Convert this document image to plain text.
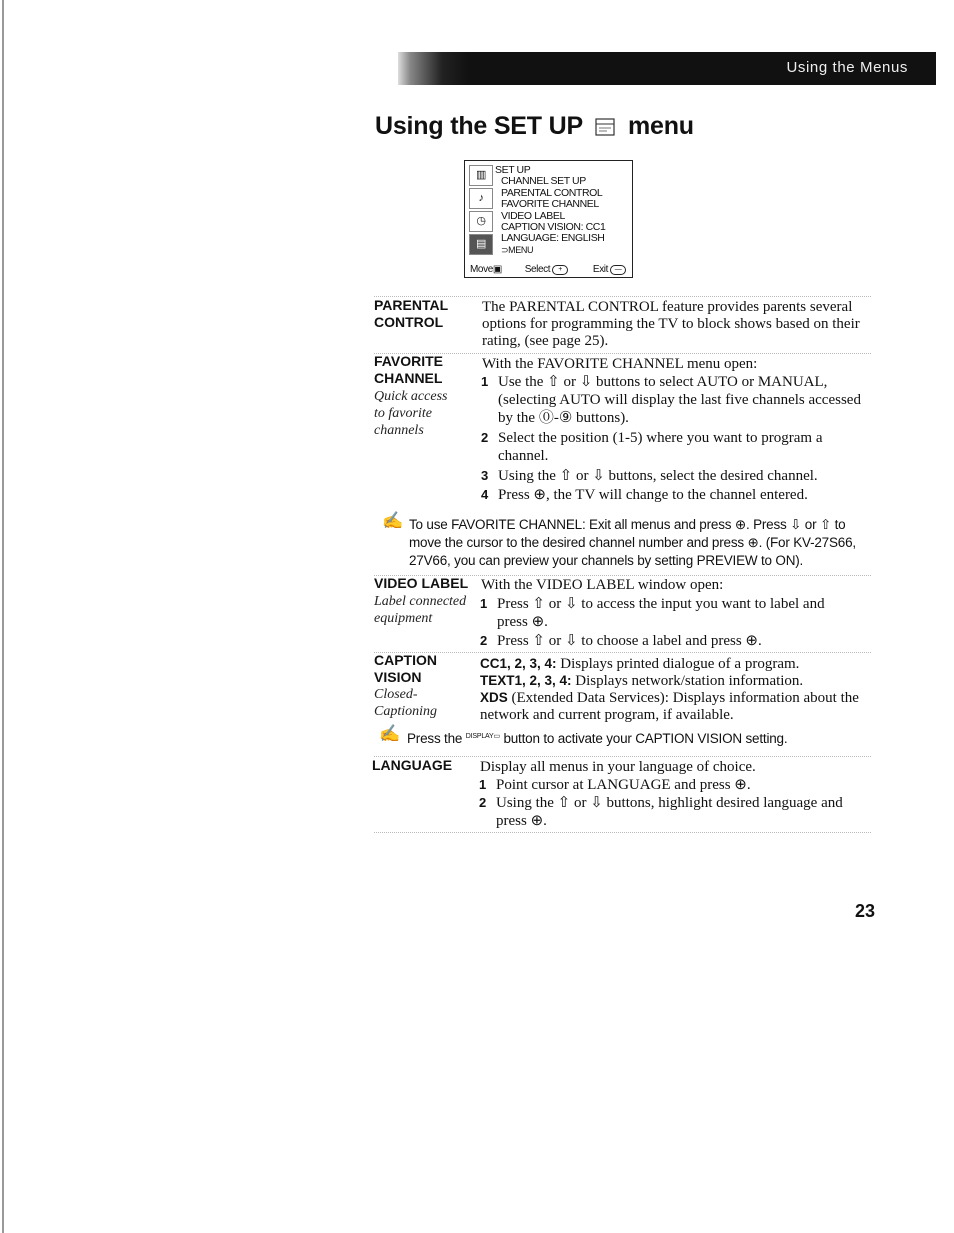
Using the Menus
Using the SET UP menu
▥
♪
◷
▤
SET UP
CHANNEL SET UP
PARENTAL CONTROL
FAVORITE CHANNEL
VIDEO LABEL
CAPTION VISION: CC1
LANGUAGE: ENGLISH
⊃MENU
Move▣ Select +	Exit —
PARENTAL
CONTROL
The PARENTAL CONTROL feature provides parents several options for programming the TV to block shows based on their rating, (see page 25).
FAVORITE
CHANNEL
Quick access
to favorite
channels
With the FAVORITE CHANNEL menu open:
1 Use the ⇧ or ⇩ buttons to select AUTO or MANUAL, (selecting AUTO will display the last five channels accessed by the ⓪-⑨ buttons).
2 Select the position (1-5) where you want to program a channel.
3 Using the ⇧ or ⇩ buttons, select the desired channel.
4 Press ⊕, the TV will change to the channel entered.
✍ To use FAVORITE CHANNEL: Exit all menus and press ⊕. Press ⇩ or ⇧ to move the cursor to the desired channel number and press ⊕. (For KV-27S66, 27V66, you can preview your channels by setting PREVIEW to ON).
VIDEO LABEL
Label connected
equipment
With the VIDEO LABEL window open:
1 Press ⇧ or ⇩ to access the input you want to label and press ⊕.
2 Press ⇧ or ⇩ to choose a label and press ⊕.
CAPTION
VISION
Closed-
Captioning
CC1, 2, 3, 4: Displays printed dialogue of a program.
TEXT1, 2, 3, 4: Displays network/station information.
XDS (Extended Data Services): Displays information about the network and current program, if available.
✍ Press the $^{DISPLAY▭}$ button to activate your CAPTION VISION setting.
LANGUAGE Display all menus in your language of choice.
1 Point cursor at LANGUAGE and press ⊕.
2 Using the ⇧ or ⇩ buttons, highlight desired language and press ⊕.
23
